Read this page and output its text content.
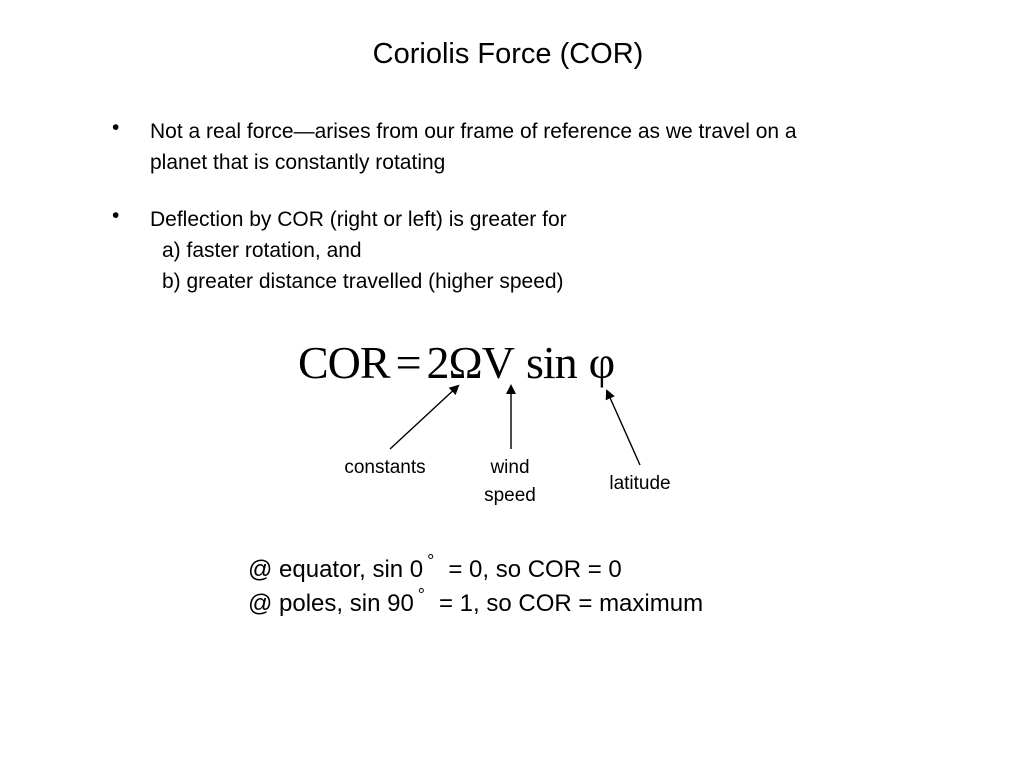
Coriolis Force (COR)
• Not a real force—arises from our frame of reference as we travel on a
planet that is constantly rotating
• Deflection by COR (right or left) is greater for
a) faster rotation, and
b) greater distance travelled (higher speed)
COR = 2ΩV sin φ
constants	wind
speed
latitude
@ equator, sin 0 ° = 0, so COR = 0
@ poles, sin 90 ° = 1, so COR = maximum
